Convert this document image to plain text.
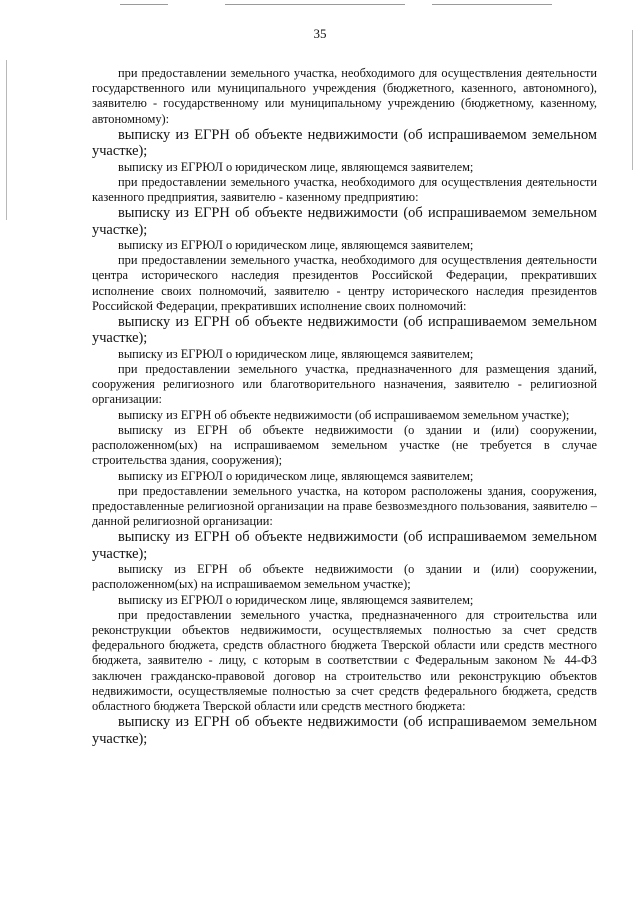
35

при предоставлении земельного участка, необходимого для осуществления деятельности государственного или муниципального учреждения (бюджетного, казенного, автономного), заявителю - государственному или муниципальному учреждению (бюджетному, казенному, автономному):

выписку из ЕГРН об объекте недвижимости (об испрашиваемом земельном участке);

выписку из ЕГРЮЛ о юридическом лице, являющемся заявителем;

при предоставлении земельного участка, необходимого для осуществления деятельности казенного предприятия, заявителю - казенному предприятию:

выписку из ЕГРН об объекте недвижимости (об испрашиваемом земельном участке);

выписку из ЕГРЮЛ о юридическом лице, являющемся заявителем;

при предоставлении земельного участка, необходимого для осуществления деятельности центра исторического наследия президентов Российской Федерации, прекративших исполнение своих полномочий, заявителю - центру исторического наследия президентов Российской Федерации, прекративших исполнение своих полномочий:

выписку из ЕГРН об объекте недвижимости (об испрашиваемом земельном участке);

выписку из ЕГРЮЛ о юридическом лице, являющемся заявителем;

при предоставлении земельного участка, предназначенного для размещения зданий, сооружения религиозного или благотворительного назначения, заявителю - религиозной организации:

выписку из ЕГРН об объекте недвижимости (об испрашиваемом земельном участке);

выписку из ЕГРН об объекте недвижимости (о здании и (или) сооружении, расположенном(ых) на испрашиваемом земельном участке (не требуется в случае строительства здания, сооружения);

выписку из ЕГРЮЛ о юридическом лице, являющемся заявителем;

при предоставлении земельного участка, на котором расположены здания, сооружения, предоставленные религиозной организации на праве безвозмездного пользования, заявителю – данной религиозной организации:

выписку из ЕГРН об объекте недвижимости (об испрашиваемом земельном участке);

выписку из ЕГРН об объекте недвижимости (о здании и (или) сооружении, расположенном(ых) на испрашиваемом земельном участке);

выписку из ЕГРЮЛ о юридическом лице, являющемся заявителем;

при предоставлении земельного участка, предназначенного для строительства или реконструкции объектов недвижимости, осуществляемых полностью за счет средств федерального бюджета, средств областного бюджета Тверской области или средств местного бюджета, заявителю - лицу, с которым в соответствии с Федеральным законом № 44-ФЗ заключен гражданско-правовой договор на строительство или реконструкцию объектов недвижимости, осуществляемые полностью за счет средств федерального бюджета, средств областного бюджета Тверской области или средств местного бюджета:

выписку из ЕГРН об объекте недвижимости (об испрашиваемом земельном участке);
